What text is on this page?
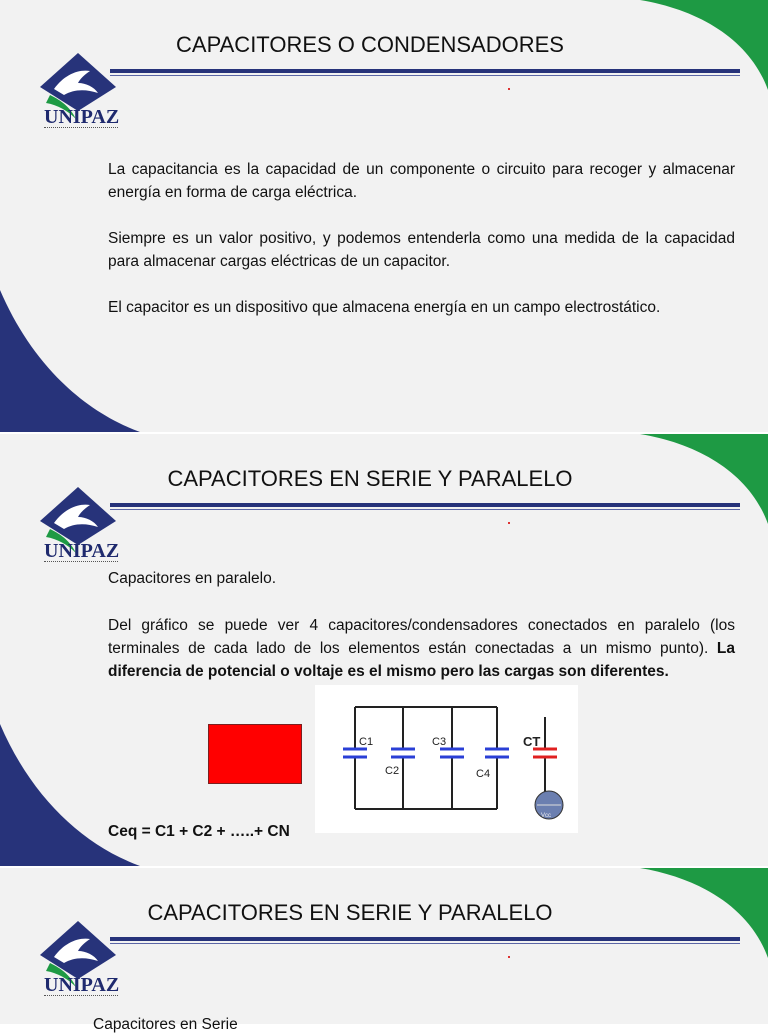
UNIPAZ
CAPACITORES O CONDENSADORES

La capacitancia es la capacidad de un componente o circuito para recoger y almacenar energía en forma de carga eléctrica.

Siempre es un valor positivo, y podemos entenderla como una medida de la capacidad para almacenar cargas eléctricas de un capacitor.

El capacitor es un dispositivo que almacena energía en un campo electrostático.

UNIPAZ
CAPACITORES EN SERIE Y PARALELO

Capacitores en paralelo.

Del gráfico se puede ver 4 capacitores/condensadores conectados en paralelo (los terminales de cada lado de los elementos están conectadas a un mismo punto). La diferencia de potencial o voltaje es el mismo pero las cargas son diferentes.

C1
C2
C3
C4
CT
Vcc
Ceq = C1 + C2 + …..+ CN
UNIPAZ
CAPACITORES EN SERIE Y PARALELO

Capacitores en Serie
